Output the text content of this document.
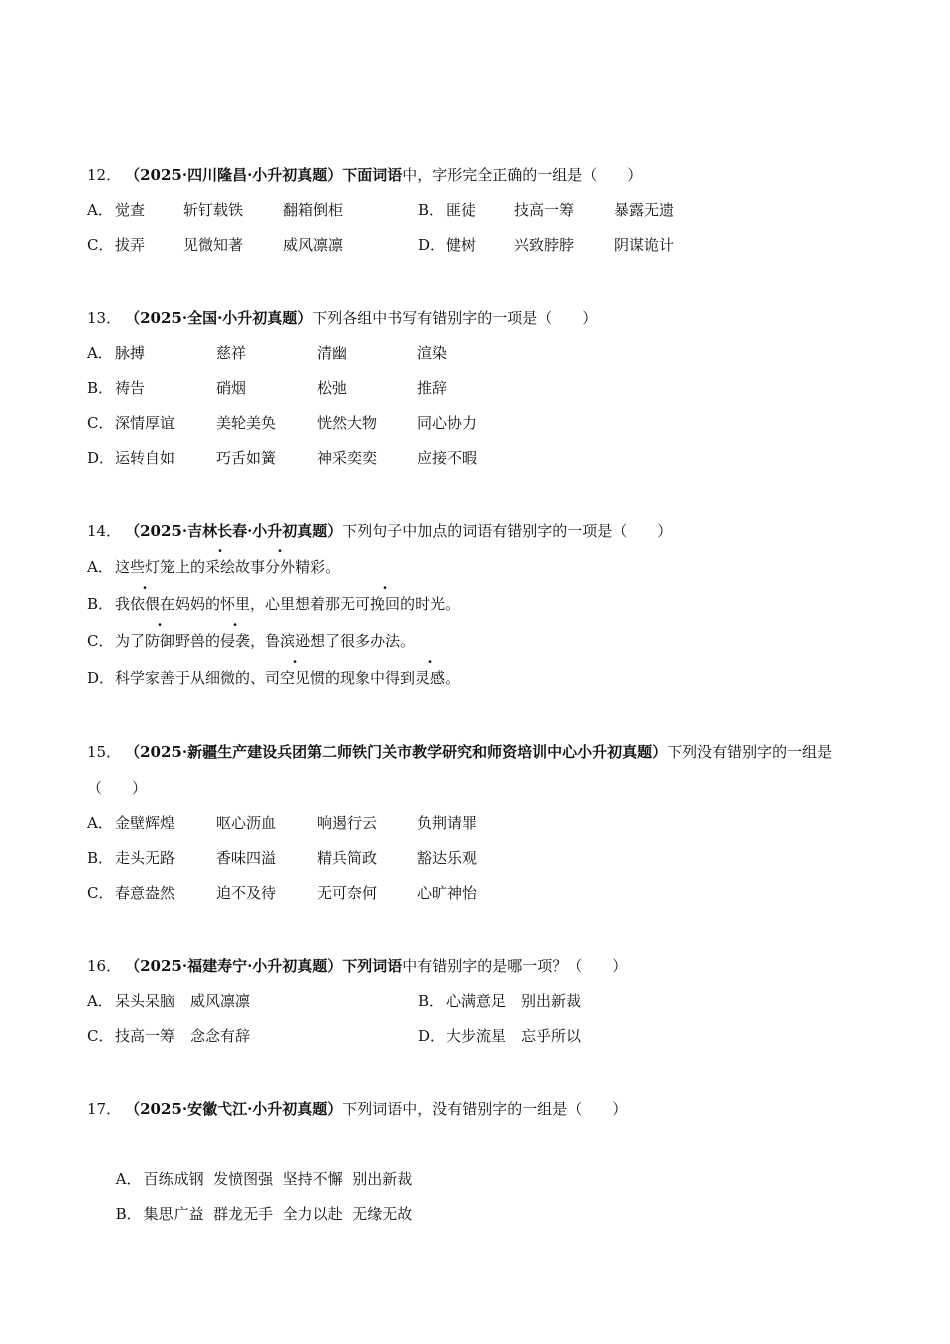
12． （2025·四川隆昌·小升初真题）下面词语中，字形完全正确的一组是（　　）
A． 觉查	斩钉载铁	翻箱倒柜	B． 匪徒	技高一筹	暴露无遗
C． 拔弄	见微知著	威风凛凛	D．健树	兴致脖脖	阴谋诡计
13． （2025·全国·小升初真题）下列各组中书写有错别字的一项是（　　）
A． 脉搏	慈祥	清幽	渲染
B． 祷告	硝烟	松弛	推辞
C． 深情厚谊	美轮美奂	恍然大物	同心协力
D．运转自如	巧舌如簧	神采奕奕	应接不暇
14． （2025·吉林长春·小升初真题）下列句子中加点的词语有错别字的一项是（　　）
A． 这些灯笼上的采绘故事分外精彩。
B． 我依偎在妈妈的怀里，心里想着那无可挽回的时光。
C． 为了防御野兽的侵袭，鲁滨逊想了很多办法。
D．科学家善于从细微的、司空见惯的现象中得到灵感。
15． （2025·新疆生产建设兵团第二师铁门关市教学研究和师资培训中心小升初真题）下列没有错别字的一组是（　　）
A． 金壁辉煌	呕心沥血	响遏行云	负荆请罪
B． 走头无路	香味四溢	精兵简政	豁达乐观
C． 春意盎然	迫不及待	无可奈何	心旷神怡
16． （2025·福建寿宁·小升初真题）下列词语中有错别字的是哪一项？（　　）
A． 呆头呆脑　威风凛凛	B． 心满意足　别出新裁
C． 技高一筹　念念有辞	D．大步流星　忘乎所以
17． （2025·安徽弋江·小升初真题）下列词语中，没有错别字的一组是（　　）

A． 百练成钢  发愤图强  坚持不懈  别出新裁

B． 集思广益  群龙无手  全力以赴  无缘无故
